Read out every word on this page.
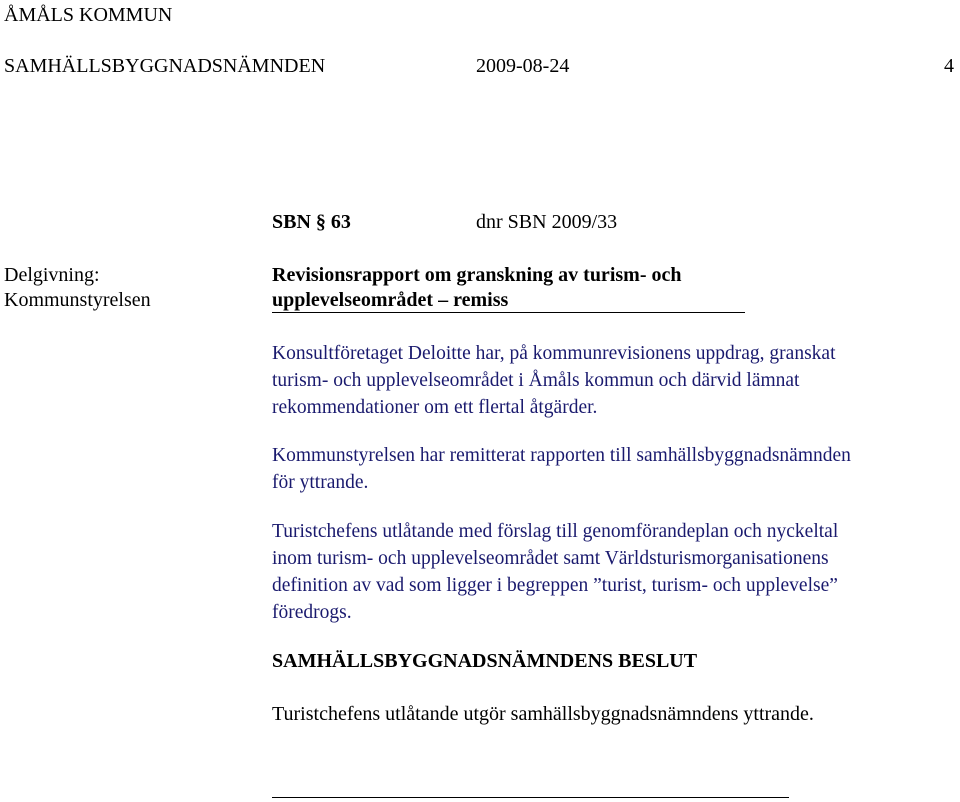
ÅMÅLS KOMMUN
SAMHÄLLSBYGGNADSNÄMNDEN	2009-08-24	4
SBN § 63	dnr SBN 2009/33
Delgivning:
Kommunstyrelsen
Revisionsrapport om granskning av turism- och
upplevelseområdet – remiss
Konsultföretaget Deloitte har, på kommunrevisionens uppdrag, granskat
turism- och upplevelseområdet i Åmåls kommun och därvid lämnat
rekommendationer om ett flertal åtgärder.
Kommunstyrelsen har remitterat rapporten till samhällsbyggnadsnämnden
för yttrande.
Turistchefens utlåtande med förslag till genomförandeplan och nyckeltal
inom turism- och upplevelseområdet samt Världsturismorganisationens
definition av vad som ligger i begreppen ”turist, turism- och upplevelse”
föredrogs.
SAMHÄLLSBYGGNADSNÄMNDENS BESLUT
Turistchefens utlåtande utgör samhällsbyggnadsnämndens yttrande.
